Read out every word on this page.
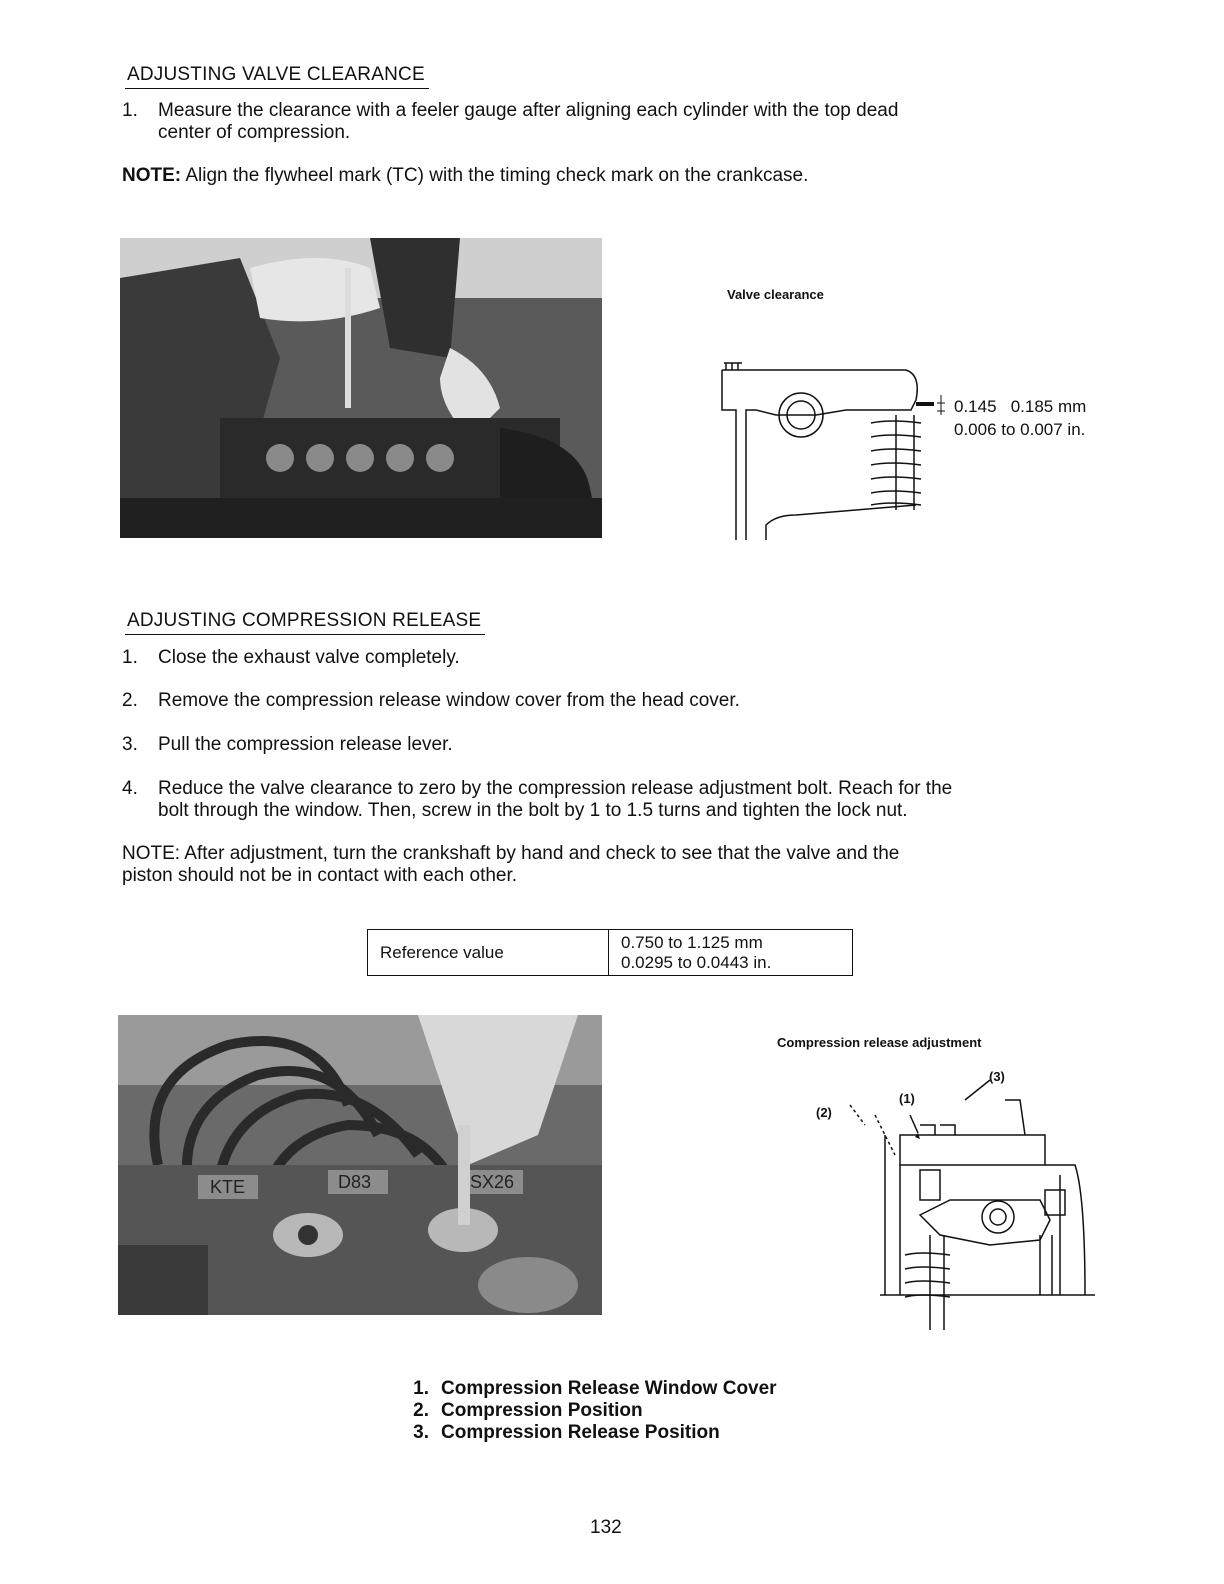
ADJUSTING VALVE CLEARANCE
1. Measure the clearance with a feeler gauge after aligning each cylinder with the top dead
center of compression.
NOTE: Align the flywheel mark (TC) with the timing check mark on the crankcase.
Valve clearance
0.145   0.185 mm
0.006 to 0.007 in.
ADJUSTING COMPRESSION RELEASE
1. Close the exhaust valve completely.
2. Remove the compression release window cover from the head cover.
3. Pull the compression release lever.
4. Reduce the valve clearance to zero by the compression release adjustment bolt. Reach for the
bolt through the window. Then, screw in the bolt by 1 to 1.5 turns and tighten the lock nut.
NOTE: After adjustment, turn the crankshaft by hand and check to see that the valve and the
piston should not be in contact with each other.
Reference value	
0.750 to 1.125 mm
0.0295 to 0.0443 in.
KTE	D83	SX26
Compression release adjustment
(2)
(1)
(3)
1. Compression Release Window Cover
2. Compression Position
3. Compression Release Position
132
